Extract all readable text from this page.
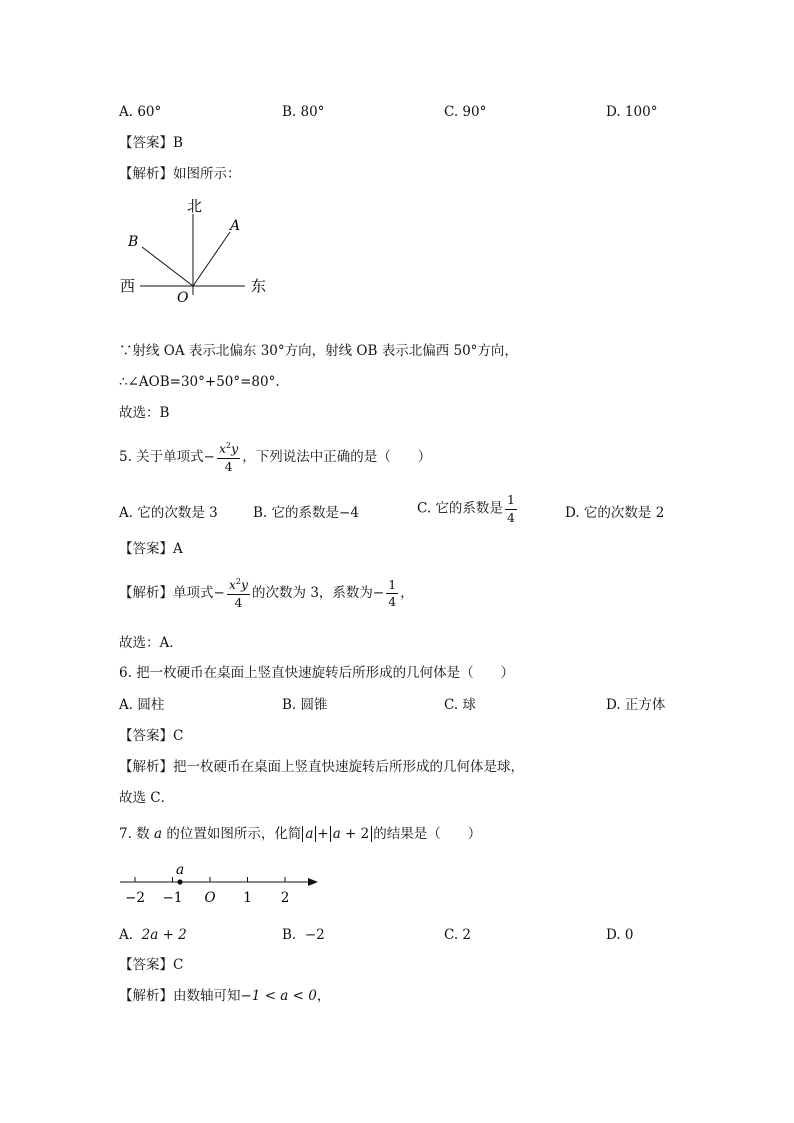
A. 60°	B. 80°	C. 90°	D. 100°
【答案】B
【解析】如图所示：
北
西	东
A
B
O
∵射线 OA 表示北偏东 30°方向，射线 OB 表示北偏西 50°方向，
∴∠AOB=30°+50°=80°.
故选：B
5. 关于单项式− $\frac{x^2y}{4}$ ，下列说法中正确的是（　　）
A. 它的次数是 3	B. 它的系数是−4	C. 它的系数是 $\frac{1}{4}$	D. 它的次数是 2
【答案】A
【解析】单项式− $\frac{x^2y}{4}$ 的次数为 3，系数为− $\frac{1}{4}$ ，
故选：A．
6. 把一枚硬币在桌面上竖直快速旋转后所形成的几何体是（　　）
A. 圆柱	B. 圆锥	C. 球	D. 正方体
【答案】C
【解析】把一枚硬币在桌面上竖直快速旋转后所形成的几何体是球，
故选 C．
7. 数 a 的位置如图所示，化简 a + a + 2 的结果是（　　）
−2 −1 O 1 2
a
A. 2a + 2	B. −2	C. 2	D. 0
【答案】C
【解析】由数轴可知−1 < a < 0，
